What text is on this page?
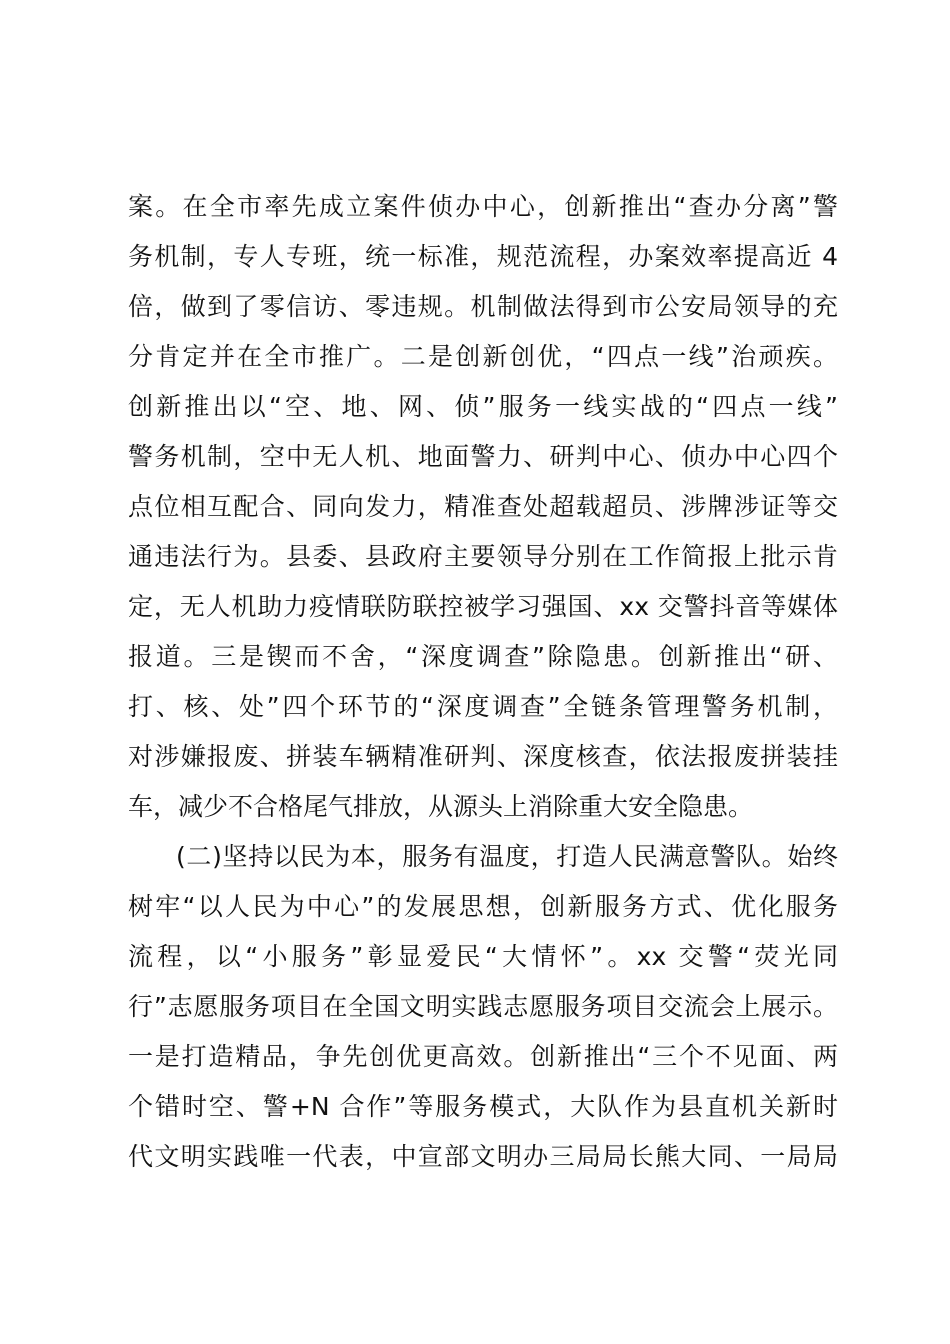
案。在全市率先成立案件侦办中心，创新推出“查办分离”警
务机制，专人专班，统一标准，规范流程，办案效率提高近 4
倍，做到了零信访、零违规。机制做法得到市公安局领导的充
分肯定并在全市推广。二是创新创优，“四点一线”治顽疾。
创新推出以“空、地、网、侦”服务一线实战的“四点一线”
警务机制，空中无人机、地面警力、研判中心、侦办中心四个
点位相互配合、同向发力，精准查处超载超员、涉牌涉证等交
通违法行为。县委、县政府主要领导分别在工作简报上批示肯
定，无人机助力疫情联防联控被学习强国、xx 交警抖音等媒体
报道。三是锲而不舍，“深度调查”除隐患。创新推出“研、
打、核、处”四个环节的“深度调查”全链条管理警务机制，
对涉嫌报废、拼装车辆精准研判、深度核查，依法报废拼装挂
车，减少不合格尾气排放，从源头上消除重大安全隐患。
(二)坚持以民为本，服务有温度，打造人民满意警队。始终
树牢“以人民为中心”的发展思想，创新服务方式、优化服务
流程，以“小服务”彰显爱民“大情怀”。xx 交警“荧光同
行”志愿服务项目在全国文明实践志愿服务项目交流会上展示。
一是打造精品，争先创优更高效。创新推出“三个不见面、两
个错时空、警+N 合作”等服务模式，大队作为县直机关新时
代文明实践唯一代表，中宣部文明办三局局长熊大同、一局局
